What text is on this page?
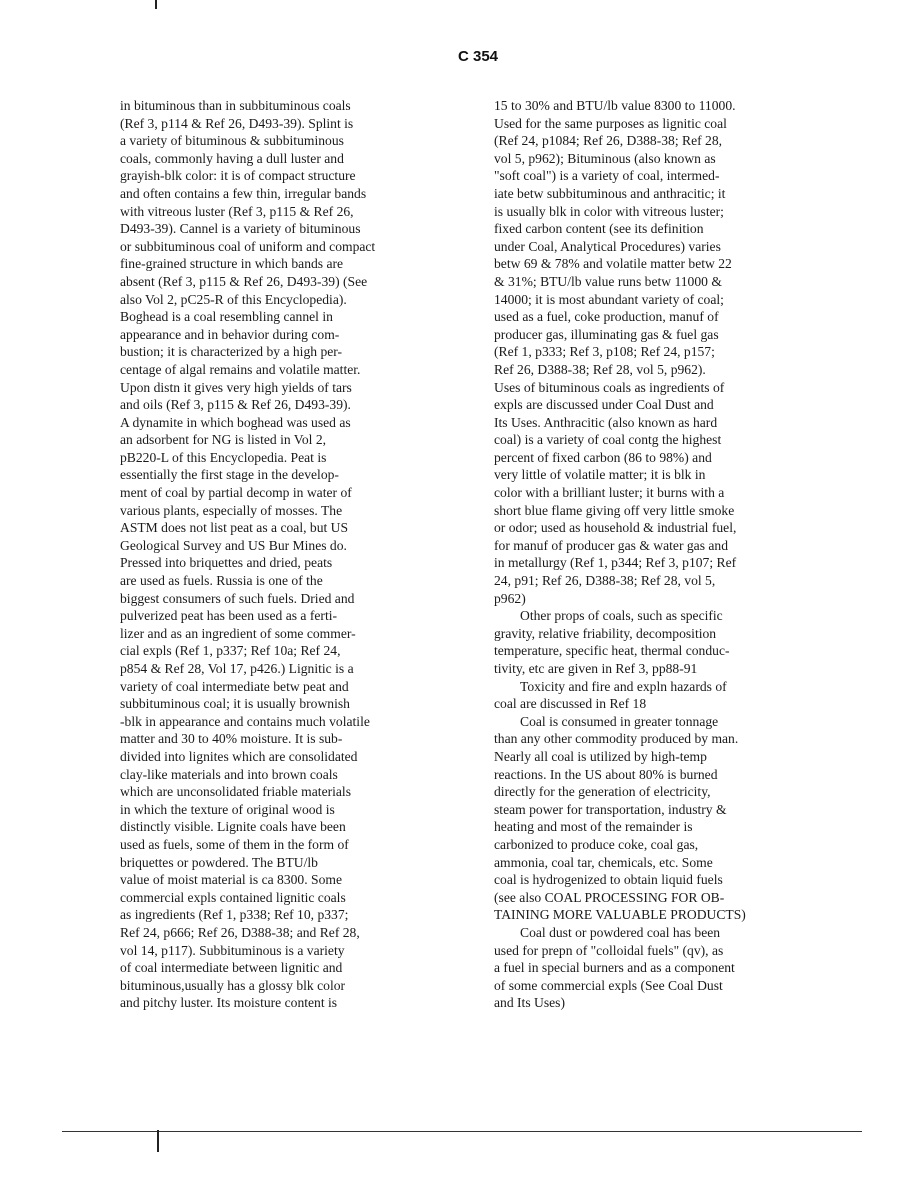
C 354
in bituminous than in subbituminous coals
(Ref 3, p114 & Ref 26, D493-39). Splint is
a variety of bituminous & subbituminous
coals, commonly having a dull luster and
grayish-blk color: it is of compact structure
and often contains a few thin, irregular bands
with vitreous luster (Ref 3, p115 & Ref 26,
D493-39). Cannel is a variety of bituminous
or subbituminous coal of uniform and compact
fine-grained structure in which bands are
absent (Ref 3, p115 & Ref 26, D493-39) (See
also Vol 2, pC25-R of this Encyclopedia).
Boghead is a coal resembling cannel in
appearance and in behavior during com-
bustion; it is characterized by a high per-
centage of algal remains and volatile matter.
Upon distn it gives very high yields of tars
and oils (Ref 3, p115 & Ref 26, D493-39).
A dynamite in which boghead was used as
an adsorbent for NG is listed in Vol 2,
pB220-L of this Encyclopedia. Peat is
essentially the first stage in the develop-
ment of coal by partial decomp in water of
various plants, especially of mosses. The
ASTM does not list peat as a coal, but US
Geological Survey and US Bur Mines do.
Pressed into briquettes and dried, peats
are used as fuels. Russia is one of the
biggest consumers of such fuels. Dried and
pulverized peat has been used as a ferti-
lizer and as an ingredient of some commer-
cial expls (Ref 1, p337; Ref 10a; Ref 24,
p854 & Ref 28, Vol 17, p426.) Lignitic is a
variety of coal intermediate betw peat and
subbituminous coal; it is usually brownish
-blk in appearance and contains much volatile
matter and 30 to 40% moisture. It is sub-
divided into lignites which are consolidated
clay-like materials and into brown coals
which are unconsolidated friable materials
in which the texture of original wood is
distinctly visible. Lignite coals have been
used as fuels, some of them in the form of
briquettes or powdered. The BTU/lb
value of moist material is ca 8300. Some
commercial expls contained lignitic coals
as ingredients (Ref 1, p338; Ref 10, p337;
Ref 24, p666; Ref 26, D388-38; and Ref 28,
vol 14, p117). Subbituminous is a variety
of coal intermediate between lignitic and
bituminous,usually has a glossy blk color
and pitchy luster. Its moisture content is
15 to 30% and BTU/lb value 8300 to 11000.
Used for the same purposes as lignitic coal
(Ref 24, p1084; Ref 26, D388-38; Ref 28,
vol 5, p962); Bituminous (also known as
"soft coal") is a variety of coal, intermed-
iate betw subbituminous and anthracitic; it
is usually blk in color with vitreous luster;
fixed carbon content (see its definition
under Coal, Analytical Procedures) varies
betw 69 & 78% and volatile matter betw 22
& 31%; BTU/lb value runs betw 11000 &
14000; it is most abundant variety of coal;
used as a fuel, coke production, manuf of
producer gas, illuminating gas & fuel gas
(Ref 1, p333; Ref 3, p108; Ref 24, p157;
Ref 26, D388-38; Ref 28, vol 5, p962).
Uses of bituminous coals as ingredients of
expls are discussed under Coal Dust and
Its Uses. Anthracitic (also known as hard
coal) is a variety of coal contg the highest
percent of fixed carbon (86 to 98%) and
very little of volatile matter; it is blk in
color with a brilliant luster; it burns with a
short blue flame giving off very little smoke
or odor; used as household & industrial fuel,
for manuf of producer gas & water gas and
in metallurgy (Ref 1, p344; Ref 3, p107; Ref
24, p91; Ref 26, D388-38; Ref 28, vol 5,
p962)
Other props of coals, such as specific
gravity, relative friability, decomposition
temperature, specific heat, thermal conduc-
tivity, etc are given in Ref 3, pp88-91
Toxicity and fire and expln hazards of
coal are discussed in Ref 18
Coal is consumed in greater tonnage
than any other commodity produced by man.
Nearly all coal is utilized by high-temp
reactions. In the US about 80% is burned
directly for the generation of electricity,
steam power for transportation, industry &
heating and most of the remainder is
carbonized to produce coke, coal gas,
ammonia, coal tar, chemicals, etc. Some
coal is hydrogenized to obtain liquid fuels
(see also COAL PROCESSING FOR OB-
TAINING MORE VALUABLE PRODUCTS)
Coal dust or powdered coal has been
used for prepn of "colloidal fuels" (qv), as
a fuel in special burners and as a component
of some commercial expls (See Coal Dust
and Its Uses)
